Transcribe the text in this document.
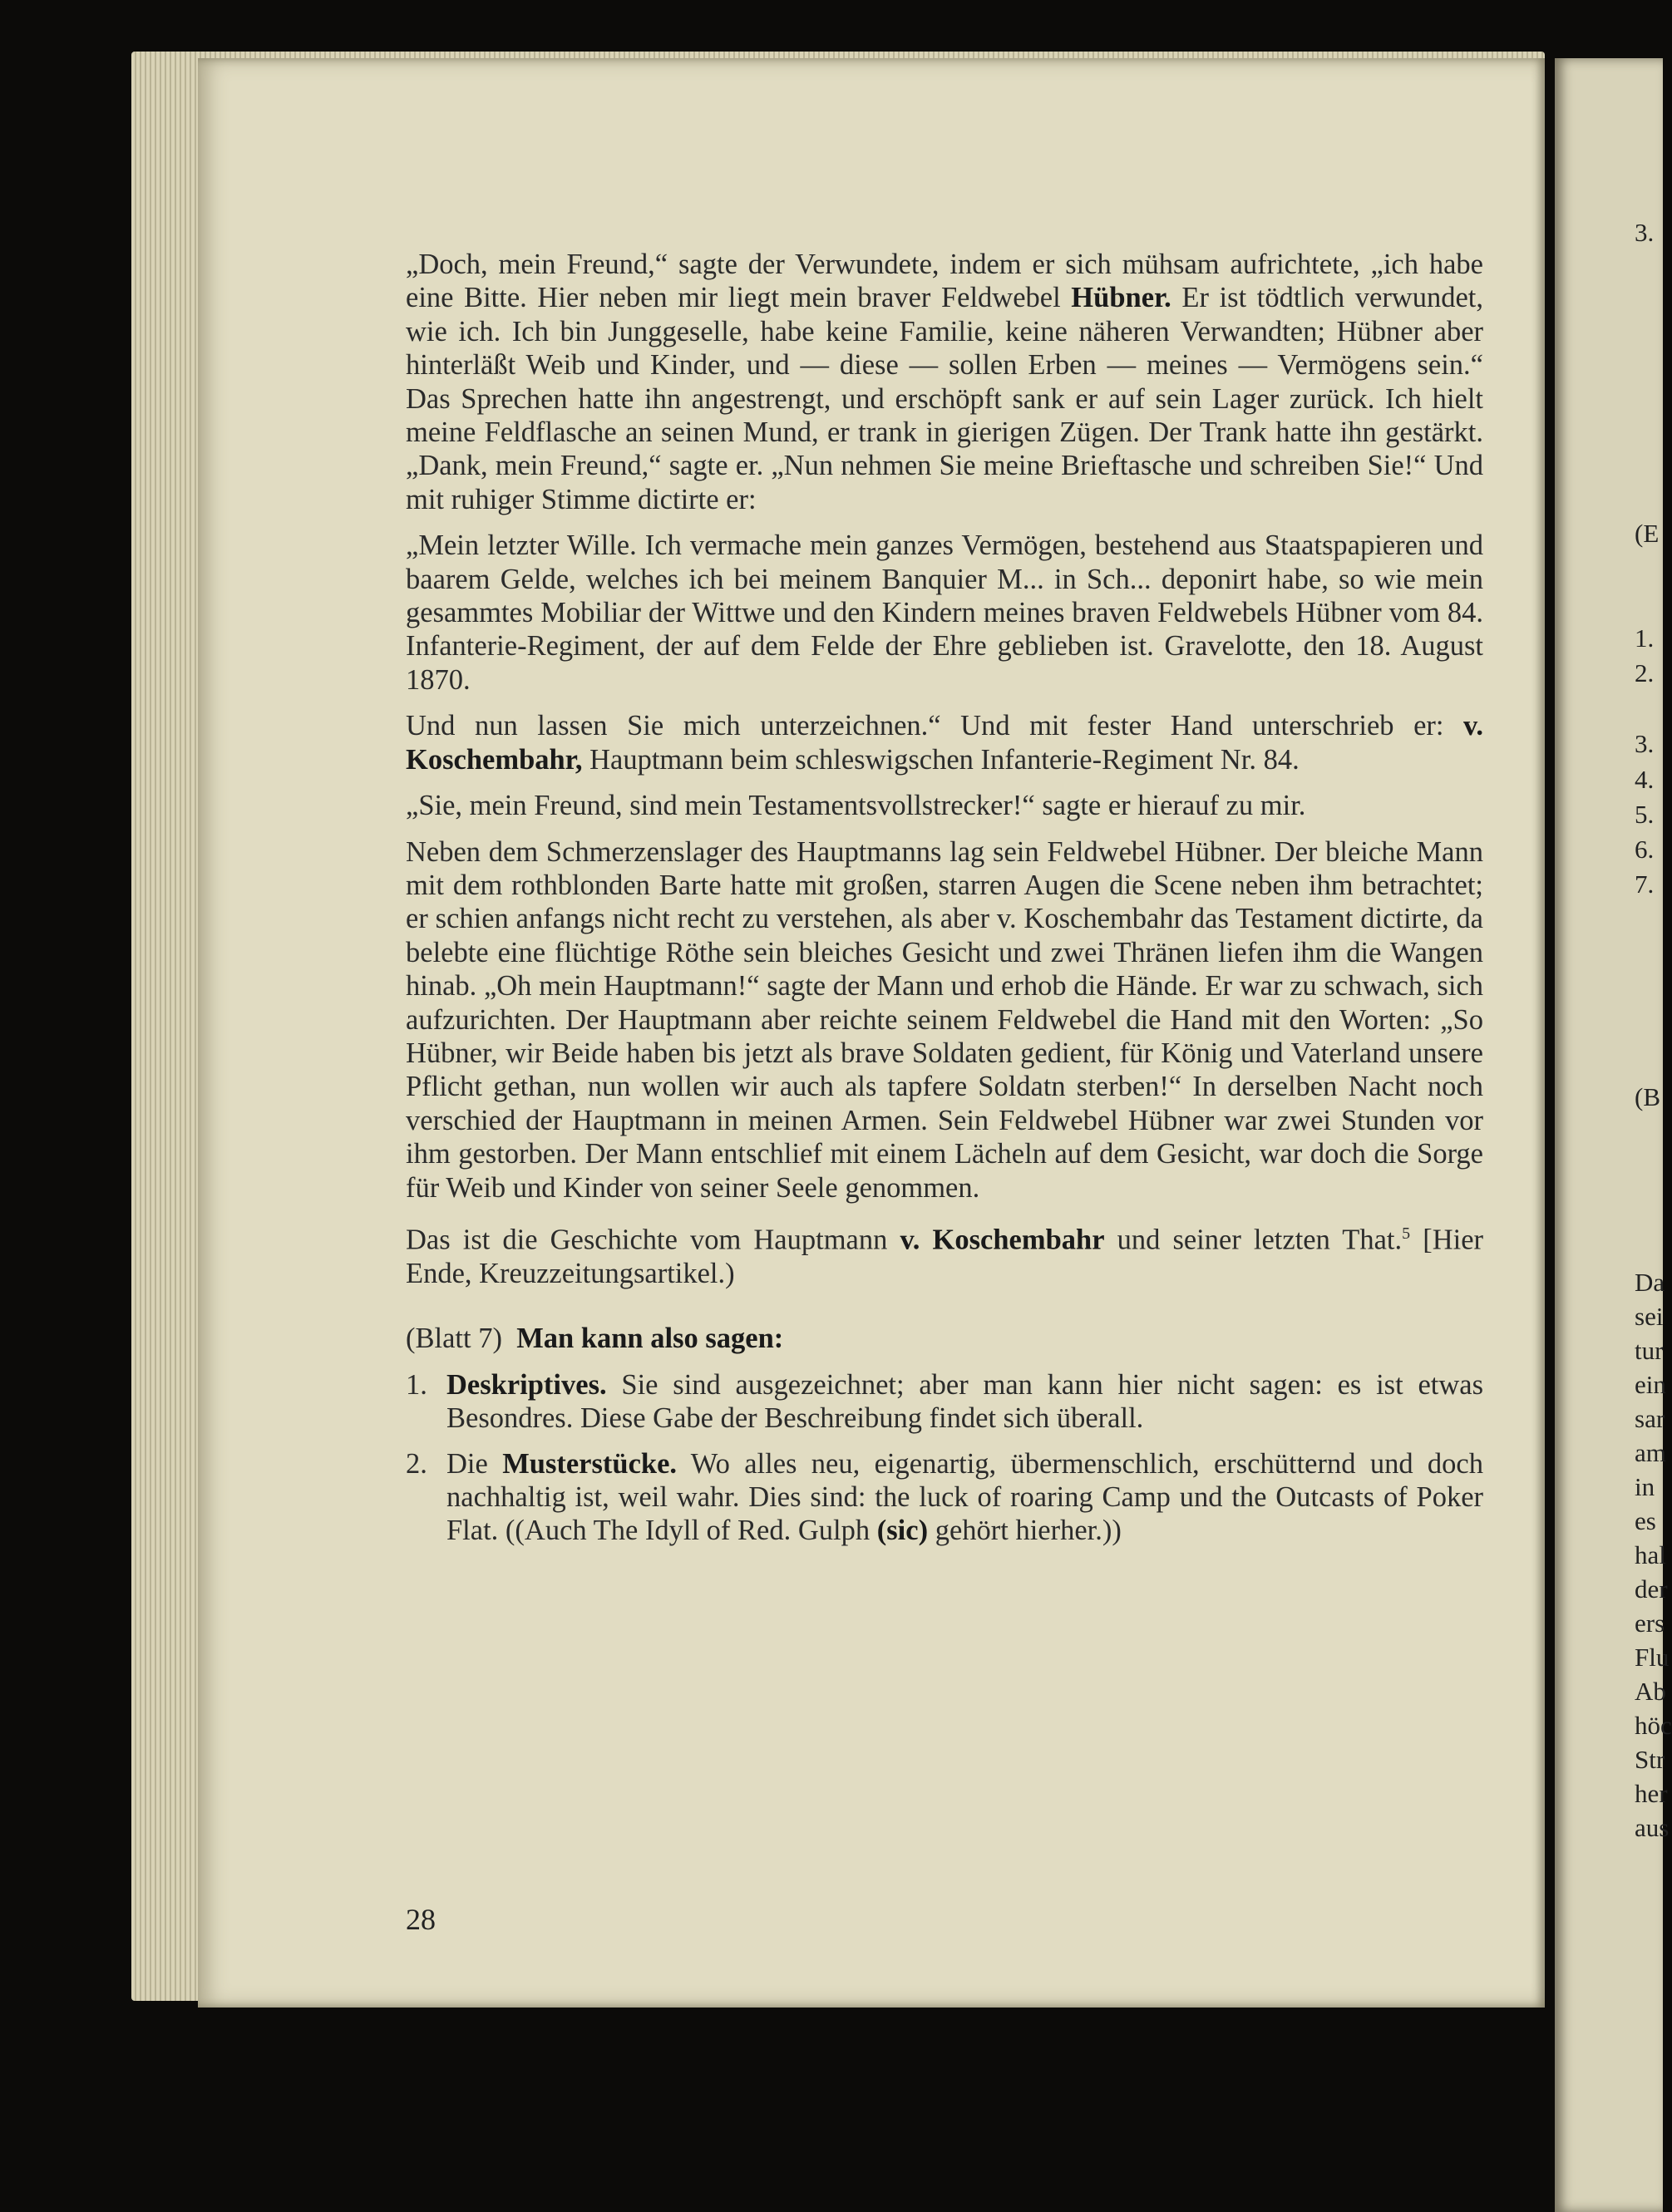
3.
(E
1.
2.
3.
4.
5.
6.
7.
(B
Da
sei
tur
ein
sar
am
in
es
hal
der
ers
Flu
Ab
höc
Str
her
aus

„Doch, mein Freund,“ sagte der Verwundete, indem er sich mühsam aufrichtete, „ich habe eine Bitte. Hier neben mir liegt mein braver Feldwebel Hübner. Er ist tödtlich verwundet, wie ich. Ich bin Junggeselle, habe keine Familie, keine näheren Verwandten; Hübner aber hinterläßt Weib und Kinder, und — diese — sollen Erben — meines — Vermögens sein.“ Das Sprechen hatte ihn angestrengt, und erschöpft sank er auf sein Lager zurück. Ich hielt meine Feldflasche an seinen Mund, er trank in gierigen Zügen. Der Trank hatte ihn gestärkt. „Dank, mein Freund,“ sagte er. „Nun nehmen Sie meine Brieftasche und schreiben Sie!“ Und mit ruhiger Stimme dictirte er:

„Mein letzter Wille. Ich vermache mein ganzes Vermögen, bestehend aus Staatspapieren und baarem Gelde, welches ich bei meinem Banquier M... in Sch... deponirt habe, so wie mein gesammtes Mobiliar der Wittwe und den Kindern meines braven Feldwebels Hübner vom 84. Infanterie-Regiment, der auf dem Felde der Ehre geblieben ist. Gravelotte, den 18. August 1870.

Und nun lassen Sie mich unterzeichnen.“ Und mit fester Hand unterschrieb er: v. Koschembahr, Hauptmann beim schleswigschen Infanterie-Regiment Nr. 84.

„Sie, mein Freund, sind mein Testamentsvollstrecker!“ sagte er hierauf zu mir.

Neben dem Schmerzenslager des Hauptmanns lag sein Feldwebel Hübner. Der bleiche Mann mit dem rothblonden Barte hatte mit großen, starren Augen die Scene neben ihm betrachtet; er schien anfangs nicht recht zu verstehen, als aber v. Koschembahr das Testament dictirte, da belebte eine flüchtige Röthe sein bleiches Gesicht und zwei Thränen liefen ihm die Wangen hinab. „Oh mein Hauptmann!“ sagte der Mann und erhob die Hände. Er war zu schwach, sich aufzurichten. Der Hauptmann aber reichte seinem Feldwebel die Hand mit den Worten: „So Hübner, wir Beide haben bis jetzt als brave Soldaten gedient, für König und Vaterland unsere Pflicht gethan, nun wollen wir auch als tapfere Soldatn sterben!“ In derselben Nacht noch verschied der Hauptmann in meinen Armen. Sein Feldwebel Hübner war zwei Stunden vor ihm gestorben. Der Mann entschlief mit einem Lächeln auf dem Gesicht, war doch die Sorge für Weib und Kinder von seiner Seele genommen.

Das ist die Geschichte vom Hauptmann v. Koschembahr und seiner letzten That.$^5$ [Hier Ende, Kreuzzeitungsartikel.)

(Blatt 7) Man kann also sagen:

1. Deskriptives. Sie sind ausgezeichnet; aber man kann hier nicht sagen: es ist etwas Besondres. Diese Gabe der Beschreibung findet sich überall.
2. Die Musterstücke. Wo alles neu, eigenartig, übermenschlich, erschütternd und doch nachhaltig ist, weil wahr. Dies sind: the luck of roaring Camp und the Outcasts of Poker Flat. ((Auch The Idyll of Red. Gulph (sic) gehört hierher.))
28
